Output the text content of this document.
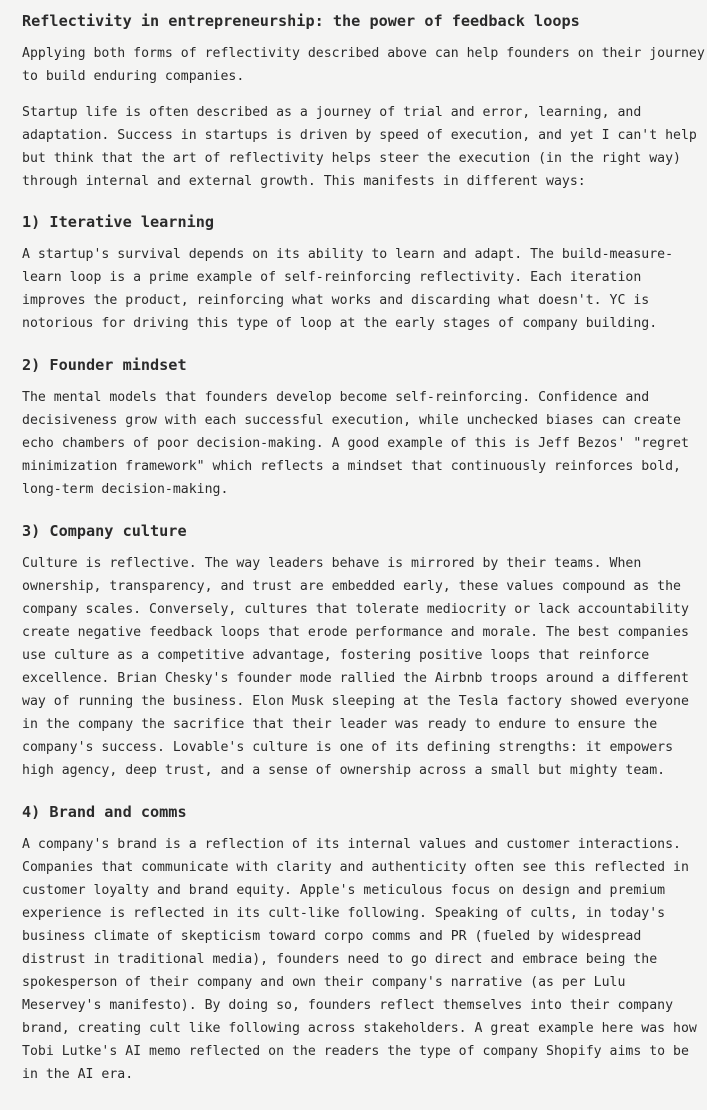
Reflectivity in entrepreneurship: the power of feedback loops

Applying both forms of reflectivity described above can help founders on their journey
to build enduring companies.

Startup life is often described as a journey of trial and error, learning, and
adaptation. Success in startups is driven by speed of execution, and yet I can't help
but think that the art of reflectivity helps steer the execution (in the right way)
through internal and external growth. This manifests in different ways:

1) Iterative learning

A startup's survival depends on its ability to learn and adapt. The build-measure-
learn loop is a prime example of self-reinforcing reflectivity. Each iteration
improves the product, reinforcing what works and discarding what doesn't. YC is
notorious for driving this type of loop at the early stages of company building.

2) Founder mindset

The mental models that founders develop become self-reinforcing. Confidence and
decisiveness grow with each successful execution, while unchecked biases can create
echo chambers of poor decision-making. A good example of this is Jeff Bezos' "regret
minimization framework" which reflects a mindset that continuously reinforces bold,
long-term decision-making.

3) Company culture

Culture is reflective. The way leaders behave is mirrored by their teams. When
ownership, transparency, and trust are embedded early, these values compound as the
company scales. Conversely, cultures that tolerate mediocrity or lack accountability
create negative feedback loops that erode performance and morale. The best companies
use culture as a competitive advantage, fostering positive loops that reinforce
excellence. Brian Chesky's founder mode rallied the Airbnb troops around a different
way of running the business. Elon Musk sleeping at the Tesla factory showed everyone
in the company the sacrifice that their leader was ready to endure to ensure the
company's success. Lovable's culture is one of its defining strengths: it empowers
high agency, deep trust, and a sense of ownership across a small but mighty team.

4) Brand and comms

A company's brand is a reflection of its internal values and customer interactions.
Companies that communicate with clarity and authenticity often see this reflected in
customer loyalty and brand equity. Apple's meticulous focus on design and premium
experience is reflected in its cult-like following. Speaking of cults, in today's
business climate of skepticism toward corpo comms and PR (fueled by widespread
distrust in traditional media), founders need to go direct and embrace being the
spokesperson of their company and own their company's narrative (as per Lulu
Meservey's manifesto). By doing so, founders reflect themselves into their company
brand, creating cult like following across stakeholders. A great example here was how
Tobi Lutke's AI memo reflected on the readers the type of company Shopify aims to be
in the AI era.
